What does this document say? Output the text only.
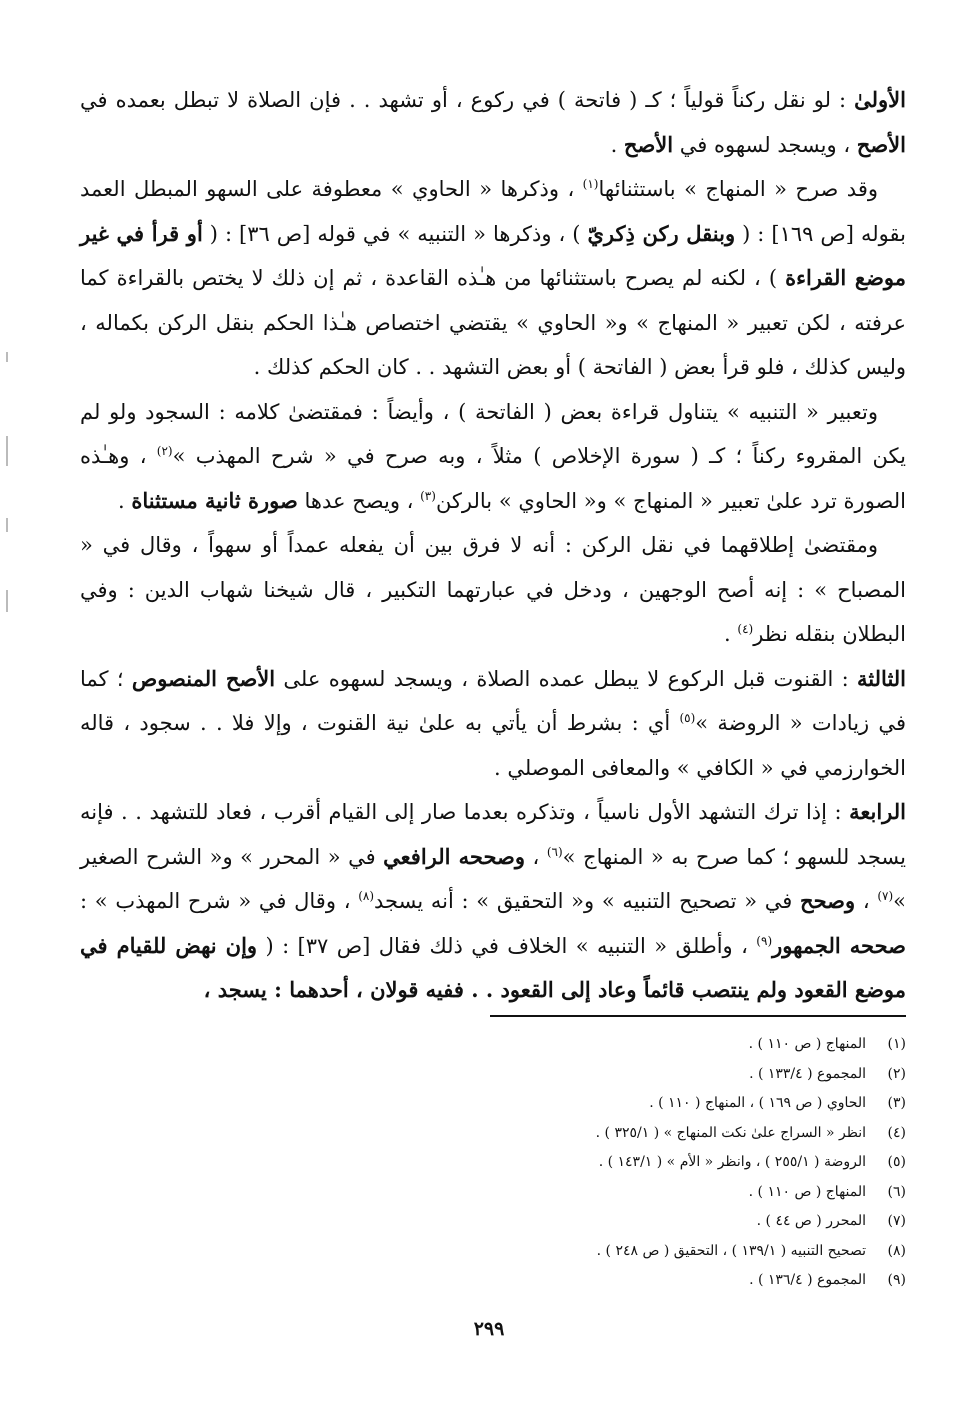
الأولىٰ : لو نقل ركناً قولياً ؛ كـ ( فاتحة ) في ركوع ، أو تشهد . . فإن الصلاة لا تبطل بعمده في الأصح ، ويسجد لسهوه في الأصح .

وقد صرح « المنهاج » باستثنائها$^{(١)}$ ، وذكرها « الحاوي » معطوفة على السهو المبطل العمد بقوله [ص ١٦٩] : ( وبنقل ركن ذِكريّ ) ، وذكرها « التنبيه » في قوله [ص ٣٦] : ( أو قرأ في غير موضع القراءة ) ، لكنه لم يصرح باستثنائها من هـٰذه القاعدة ، ثم إن ذلك لا يختص بالقراءة كما عرفته ، لكن تعبير « المنهاج » و« الحاوي » يقتضي اختصاص هـٰذا الحكم بنقل الركن بكماله ، وليس كذلك ، فلو قرأ بعض ( الفاتحة ) أو بعض التشهد . . كان الحكم كذلك .

وتعبير « التنبيه » يتناول قراءة بعض ( الفاتحة ) ، وأيضاً : فمقتضىٰ كلامه : السجود ولو لم يكن المقروء ركناً ؛ كـ ( سورة الإخلاص ) مثلاً ، وبه صرح في « شرح المهذب »$^{(٢)}$ ، وهـٰذه الصورة ترد علىٰ تعبير « المنهاج » و« الحاوي » بالركن$^{(٣)}$ ، ويصح عدها صورة ثانية مستثناة .

ومقتضىٰ إطلاقهما في نقل الركن : أنه لا فرق بين أن يفعله عمداً أو سهواً ، وقال في « المصباح » : إنه أصح الوجهين ، ودخل في عبارتهما التكبير ، قال شيخنا شهاب الدين : وفي البطلان بنقله نظر$^{(٤)}$ .

الثالثة : القنوت قبل الركوع لا يبطل عمده الصلاة ، ويسجد لسهوه على الأصح المنصوص ؛ كما في زيادات « الروضة »$^{(٥)}$ أي : بشرط أن يأتي به علىٰ نية القنوت ، وإلا فلا . . سجود ، قاله الخوارزمي في « الكافي » والمعافى الموصلي .

الرابعة : إذا ترك التشهد الأول ناسياً ، وتذكره بعدما صار إلى القيام أقرب ، فعاد للتشهد . . فإنه يسجد للسهو ؛ كما صرح به « المنهاج »$^{(٦)}$ ، وصححه الرافعي في « المحرر » و« الشرح الصغير »$^{(٧)}$ ، وصحح في « تصحيح التنبيه » و« التحقيق » : أنه يسجد$^{(٨)}$ ، وقال في « شرح المهذب » : صححه الجمهور$^{(٩)}$ ، وأطلق « التنبيه » الخلاف في ذلك فقال [ص ٣٧] : ( وإن نهض للقيام في موضع القعود ولم ينتصب قائماً وعاد إلى القعود . . ففيه قولان ، أحدهما : يسجد ،

(١)
المنهاج ( ص ١١٠ ) .
(٢)
المجموع ( ١٣٣/٤ ) .
(٣)
الحاوي ( ص ١٦٩ ) ، المنهاج ( ١١٠ ) .
(٤)
انظر « السراج علىٰ نكت المنهاج » ( ٣٢٥/١ ) .
(٥)
الروضة ( ٢٥٥/١ ) ، وانظر « الأم » ( ١٤٣/١ ) .
(٦)
المنهاج ( ص ١١٠ ) .
(٧)
المحرر ( ص ٤٤ ) .
(٨)
تصحيح التنبيه ( ١٣٩/١ ) ، التحقيق ( ص ٢٤٨ ) .
(٩)
المجموع ( ١٣٦/٤ ) .
٢٩٩
